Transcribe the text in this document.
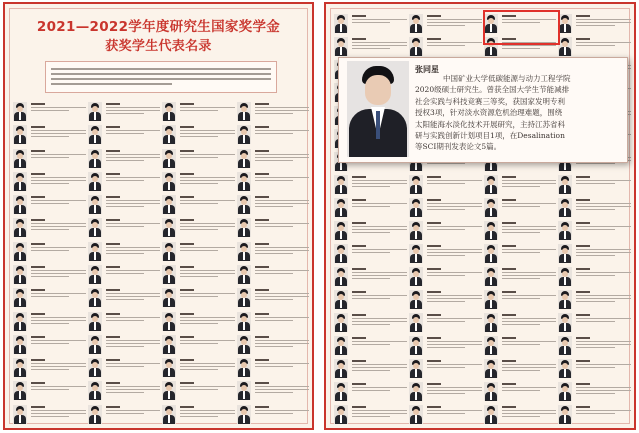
2021—2022学年度研究生国家奖学金
获奖学生代表名录
张同星
中国矿业大学低碳能源与动力工程学院
2020级硕士研究生。曾获全国大学生节能减排
社会实践与科技竞赛三等奖，获国家发明专利
授权3项，针对淡水资源危机治理难题，围绕
太阳能海水淡化技术开展研究，主持江苏省科
研与实践创新计划项目1项，在Desalination
等SCI期刊发表论文5篇。
